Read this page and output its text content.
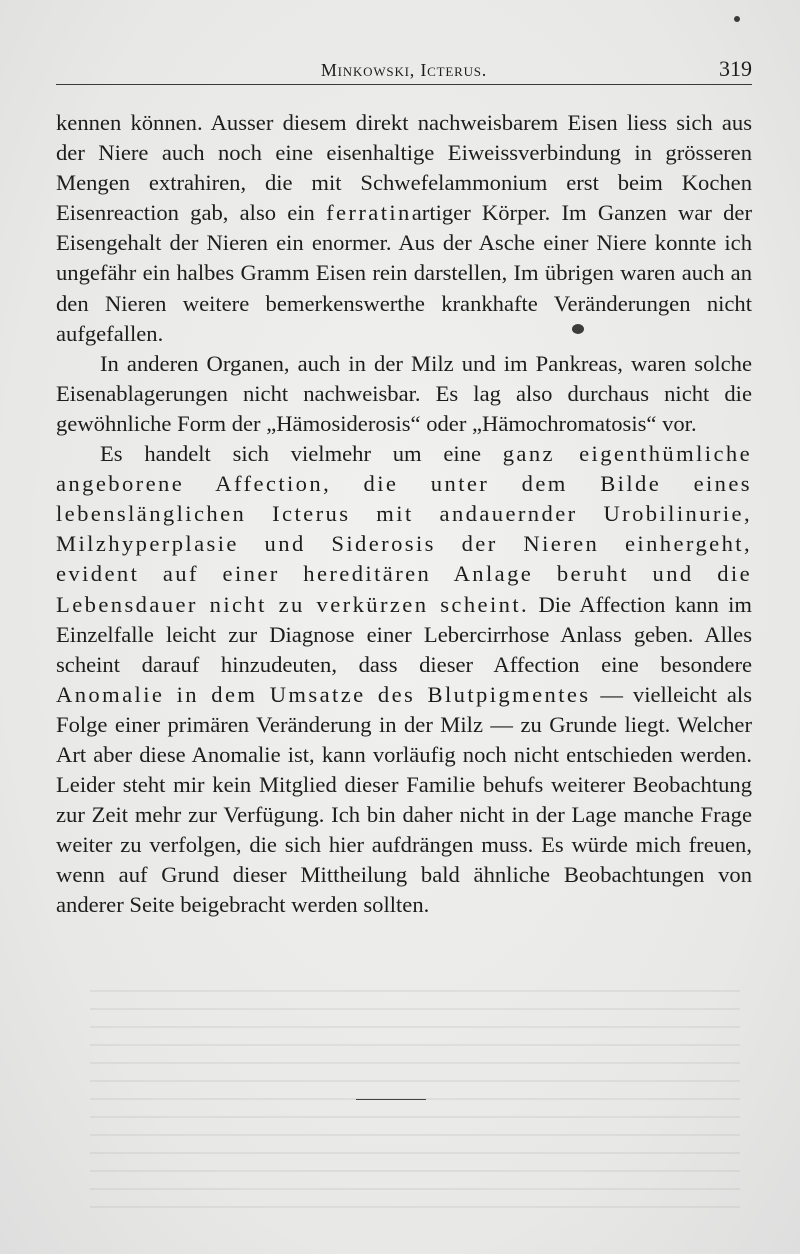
Minkowski, Icterus.	319

kennen können. Ausser diesem direkt nachweisbarem Eisen liess sich aus der Niere auch noch eine eisenhaltige Eiweissverbindung in grösseren Mengen extrahiren, die mit Schwefelammonium erst beim Kochen Eisenreaction gab, also ein ferratinartiger Körper. Im Ganzen war der Eisengehalt der Nieren ein enormer. Aus der Asche einer Niere konnte ich ungefähr ein halbes Gramm Eisen rein darstellen, Im übrigen waren auch an den Nieren weitere bemerkenswerthe krankhafte Veränderungen nicht aufgefallen.

In anderen Organen, auch in der Milz und im Pankreas, waren solche Eisenablagerungen nicht nachweisbar. Es lag also durchaus nicht die gewöhnliche Form der „Hämosiderosis“ oder „Hämochromatosis“ vor.

Es handelt sich vielmehr um eine ganz eigenthümliche angeborene Affection, die unter dem Bilde eines lebenslänglichen Icterus mit andauernder Urobilinurie, Milzhyperplasie und Siderosis der Nieren einhergeht, evident auf einer hereditären Anlage beruht und die Lebensdauer nicht zu verkürzen scheint. Die Affection kann im Einzelfalle leicht zur Diagnose einer Lebercirrhose Anlass geben. Alles scheint darauf hinzudeuten, dass dieser Affection eine besondere Anomalie in dem Umsatze des Blutpigmentes — vielleicht als Folge einer primären Veränderung in der Milz — zu Grunde liegt. Welcher Art aber diese Anomalie ist, kann vorläufig noch nicht entschieden werden. Leider steht mir kein Mitglied dieser Familie behufs weiterer Beobachtung zur Zeit mehr zur Verfügung. Ich bin daher nicht in der Lage manche Frage weiter zu verfolgen, die sich hier aufdrängen muss. Es würde mich freuen, wenn auf Grund dieser Mittheilung bald ähnliche Beobachtungen von anderer Seite beigebracht werden sollten.
